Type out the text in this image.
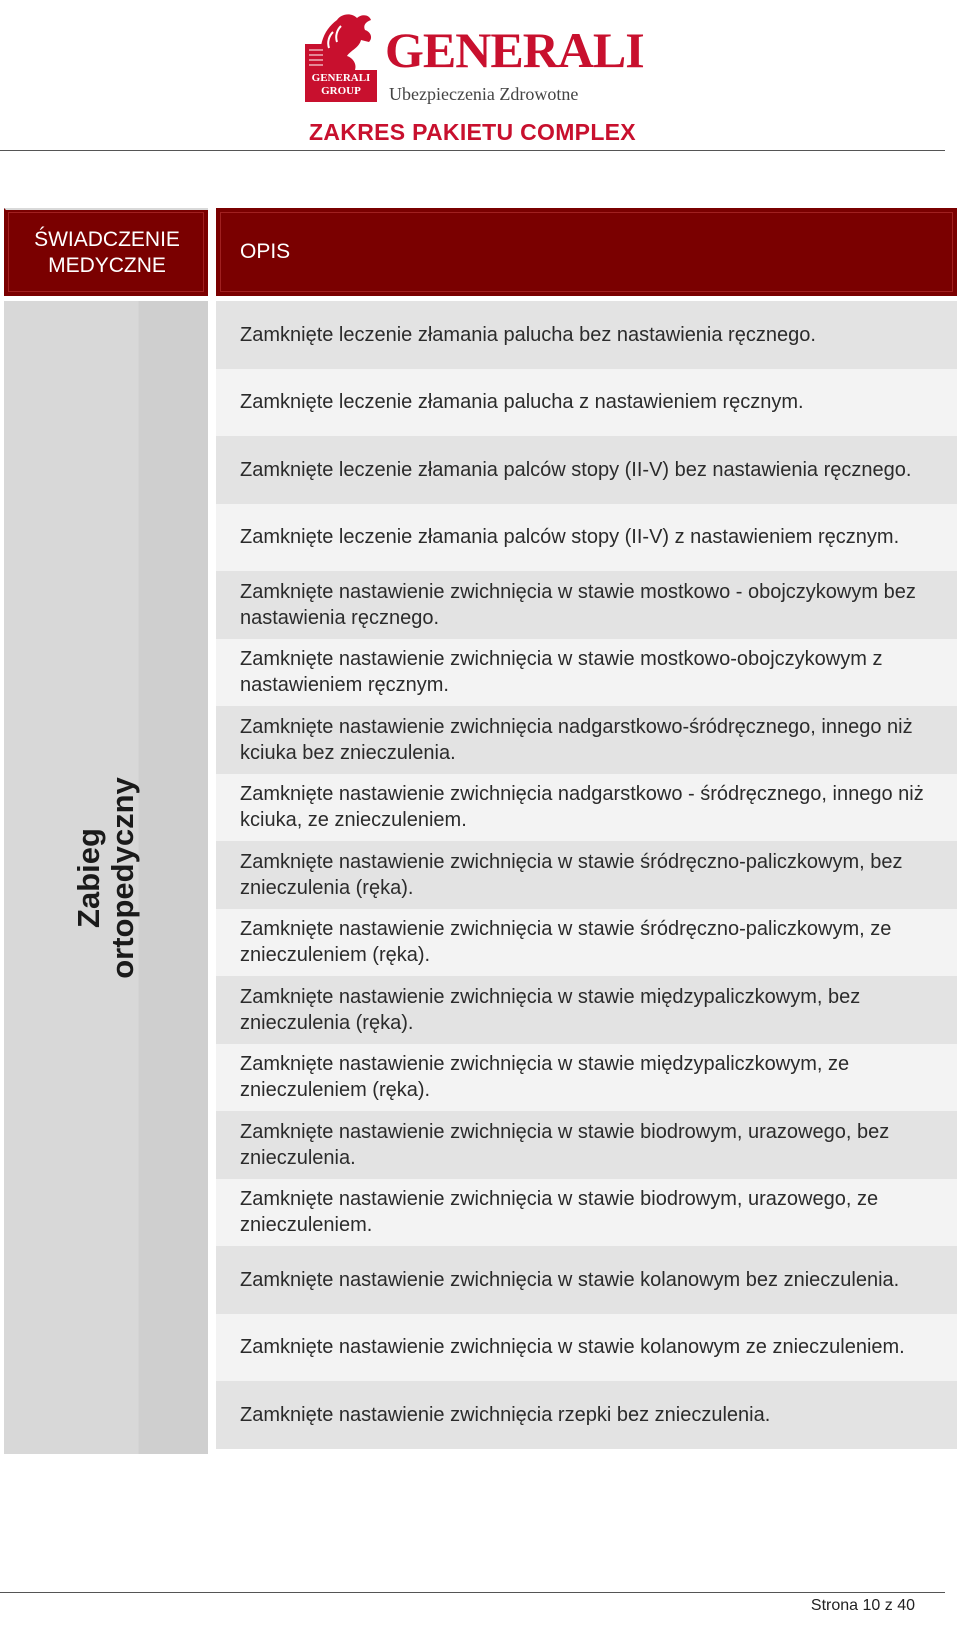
GENERALI GROUP
GENERALI
Ubezpieczenia Zdrowotne
ZAKRES PAKIETU COMPLEX
ŚWIADCZENIE MEDYCZNE
OPIS
Zabieg ortopedyczny
Zamknięte leczenie złamania palucha bez nastawienia ręcznego.
Zamknięte leczenie złamania palucha z nastawieniem ręcznym.
Zamknięte leczenie złamania palców stopy (II-V) bez nastawienia ręcznego.
Zamknięte leczenie złamania palców stopy (II-V) z nastawieniem ręcznym.
Zamknięte nastawienie zwichnięcia w stawie mostkowo - obojczykowym bez nastawienia ręcznego.
Zamknięte nastawienie zwichnięcia w stawie mostkowo-obojczykowym z nastawieniem ręcznym.
Zamknięte nastawienie zwichnięcia nadgarstkowo-śródręcznego, innego niż kciuka bez znieczulenia.
Zamknięte nastawienie zwichnięcia nadgarstkowo - śródręcznego, innego niż kciuka, ze znieczuleniem.
Zamknięte nastawienie zwichnięcia w stawie śródręczno-paliczkowym, bez znieczulenia (ręka).
Zamknięte nastawienie zwichnięcia w stawie śródręczno-paliczkowym, ze znieczuleniem (ręka).
Zamknięte nastawienie zwichnięcia w stawie międzypaliczkowym, bez znieczulenia (ręka).
Zamknięte nastawienie zwichnięcia w stawie międzypaliczkowym, ze znieczuleniem (ręka).
Zamknięte nastawienie zwichnięcia w stawie biodrowym, urazowego, bez znieczulenia.
Zamknięte nastawienie zwichnięcia w stawie biodrowym, urazowego, ze znieczuleniem.
Zamknięte nastawienie zwichnięcia w stawie kolanowym bez znieczulenia.
Zamknięte nastawienie zwichnięcia w stawie kolanowym ze znieczuleniem.
Zamknięte nastawienie zwichnięcia rzepki bez znieczulenia.
Strona 10 z 40
